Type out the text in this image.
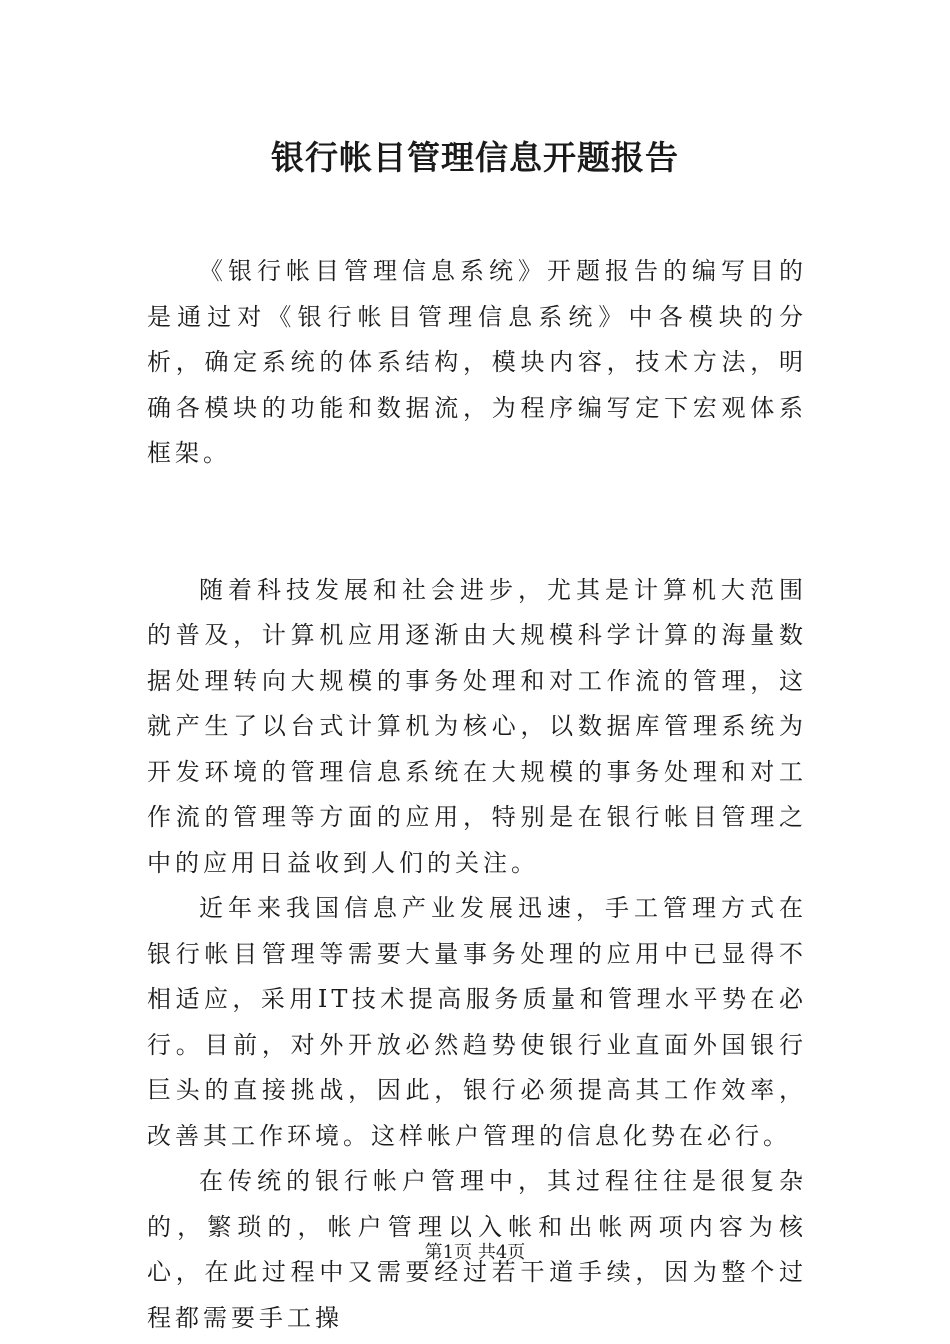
银行帐目管理信息开题报告

《银行帐目管理信息系统》开题报告的编写目的是通过对《银行帐目管理信息系统》中各模块的分析，确定系统的体系结构，模块内容，技术方法，明确各模块的功能和数据流，为程序编写定下宏观体系框架。

随着科技发展和社会进步，尤其是计算机大范围的普及，计算机应用逐渐由大规模科学计算的海量数据处理转向大规模的事务处理和对工作流的管理，这就产生了以台式计算机为核心，以数据库管理系统为开发环境的管理信息系统在大规模的事务处理和对工作流的管理等方面的应用，特别是在银行帐目管理之中的应用日益收到人们的关注。

近年来我国信息产业发展迅速，手工管理方式在银行帐目管理等需要大量事务处理的应用中已显得不相适应，采用IT技术提高服务质量和管理水平势在必行。目前，对外开放必然趋势使银行业直面外国银行巨头的直接挑战，因此，银行必须提高其工作效率，改善其工作环境。这样帐户管理的信息化势在必行。

在传统的银行帐户管理中，其过程往往是很复杂的，繁琐的，帐户管理以入帐和出帐两项内容为核心，在此过程中又需要经过若干道手续，因为整个过程都需要手工操

第1页 共4页
